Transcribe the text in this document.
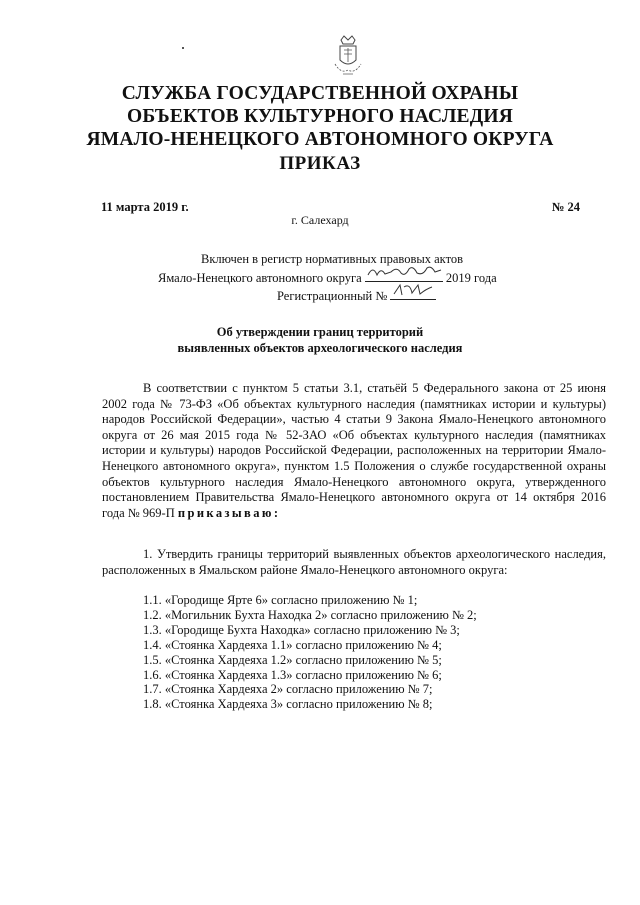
СЛУЖБА ГОСУДАРСТВЕННОЙ ОХРАНЫ
ОБЪЕКТОВ КУЛЬТУРНОГО НАСЛЕДИЯ
ЯМАЛО-НЕНЕЦКОГО АВТОНОМНОГО ОКРУГА
ПРИКАЗ
11 марта 2019 г.	№ 24
г. Салехард
Включен в регистр нормативных правовых актов
Ямало-Ненецкого автономного округа	2019 года
Регистрационный №
Об утверждении границ территорий
выявленных объектов археологического наследия
В соответствии с пунктом 5 статьи 3.1, статьёй 5 Федерального закона от 25 июня 2002 года № 73-ФЗ «Об объектах культурного наследия (памятниках истории и культуры) народов Российской Федерации», частью 4 статьи 9 Закона Ямало-Ненецкого автономного округа от 26 мая 2015 года № 52-ЗАО «Об объектах культурного наследия (памятниках истории и культуры) народов Российской Федерации, расположенных на территории Ямало-Ненецкого автономного округа», пунктом 1.5 Положения о службе государственной охраны объектов культурного наследия Ямало-Ненецкого автономного округа, утвержденного постановлением Правительства Ямало-Ненецкого автономного округа от 14 октября 2016 года № 969-П приказываю:
1. Утвердить границы территорий выявленных объектов археологического наследия, расположенных в Ямальском районе Ямало-Ненецкого автономного округа:
1.1. «Городище Ярте 6» согласно приложению № 1;
1.2. «Могильник Бухта Находка 2» согласно приложению № 2;
1.3. «Городище Бухта Находка» согласно приложению № 3;
1.4. «Стоянка Хардеяха 1.1» согласно приложению № 4;
1.5. «Стоянка Хардеяха 1.2» согласно приложению № 5;
1.6. «Стоянка Хардеяха 1.3» согласно приложению № 6;
1.7. «Стоянка Хардеяха 2» согласно приложению № 7;
1.8. «Стоянка Хардеяха 3» согласно приложению № 8;
